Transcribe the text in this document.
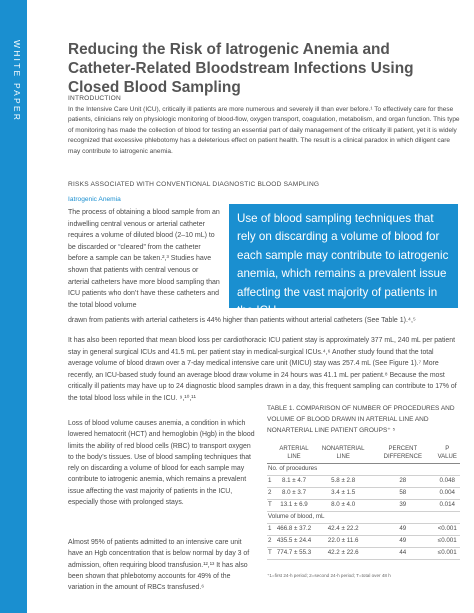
WHITE PAPER	Reducing the Risk of Iatrogenic Anemia and Catheter-Related Bloodstream Infections Using Closed Blood Sampling
INTRODUCTION

In the Intensive Care Unit (ICU), critically ill patients are more numerous and severely ill than ever before.¹ To effectively care for these patients, clinicians rely on physiologic monitoring of blood-flow, oxygen transport, coagulation, metabolism, and organ function. This type of monitoring has made the collection of blood for testing an essential part of daily management of the critically ill patient, yet it is widely recognized that excessive phlebotomy has a deleterious effect on patient health. The result is a clinical paradox in which diligent care may contribute to iatrogenic anemia.

RISKS ASSOCIATED WITH CONVENTIONAL DIAGNOSTIC BLOOD SAMPLING
Iatrogenic Anemia

The process of obtaining a blood sample from an indwelling central venous or arterial catheter requires a volume of diluted blood (2–10 mL) to be discarded or “cleared” from the catheter before a sample can be taken.²,³ Studies have shown that patients with central venous or arterial catheters have more blood sampling than ICU patients who don’t have these catheters and the total blood volume

Use of blood sampling techniques that rely on discarding a volume of blood for each sample may contribute to iatrogenic anemia, which remains a prevalent issue affecting the vast majority of patients in the ICU.

drawn from patients with arterial catheters is 44% higher than patients without arterial catheters (See Table 1).⁴,⁵

It has also been reported that mean blood loss per cardiothoracic ICU patient stay is approximately 377 mL, 240 mL per patient stay in general surgical ICUs and 41.5 mL per patient stay in medical-surgical ICUs.⁴,⁶ Another study found that the total average volume of blood drawn over a 7-day medical intensive care unit (MICU) stay was 257.4 mL (See Figure 1).⁷ More recently, an ICU-based study found an average blood draw volume in 24 hours was 41.1 mL per patient.⁸ Because the most critically ill patients may have up to 24 diagnostic blood samples drawn in a day, this frequent sampling can contribute to 17% of the total blood loss while in the ICU. ⁹,¹⁰,¹¹

Loss of blood volume causes anemia, a condition in which lowered hematocrit (HCT) and hemoglobin (Hgb) in the blood limits the ability of red blood cells (RBC) to transport oxygen to the body’s tissues. Use of blood sampling techniques that rely on discarding a volume of blood for each sample may contribute to iatrogenic anemia, which remains a prevalent issue affecting the vast majority of patients in the ICU, especially those with prolonged stays.

Almost 95% of patients admitted to an intensive care unit have an Hgb concentration that is below normal by day 3 of admission, often requiring blood transfusion.¹²,¹³ It has also been shown that phlebotomy accounts for 49% of the variation in the amount of RBCs transfused.⁶

TABLE 1. COMPARISON OF NUMBER OF PROCEDURES AND VOLUME OF BLOOD DRAWN IN ARTERIAL LINE AND NONARTERIAL LINE PATIENT GROUPS⁺ ⁵
	ARTERIAL LINE	NONARTERIAL LINE	PERCENT DIFFERENCE	P VALUE
No. of procedures				
1	8.1 ± 4.7	5.8 ± 2.8	28	0.048
2	8.0 ± 3.7	3.4 ± 1.5	58	0.004
T	13.1 ± 6.9	8.0 ± 4.0	39	0.014
Volume of blood, mL				
1	466.8 ± 37.2	42.4 ± 22.2	49	<0.001
2	435.5 ± 24.4	22.0 ± 11.6	49	≤0.001
T	774.7 ± 55.3	42.2 ± 22.6	44	≤0.001
⁺1=first 24-h period; 2=second 24-h period; T=total over 48 h
